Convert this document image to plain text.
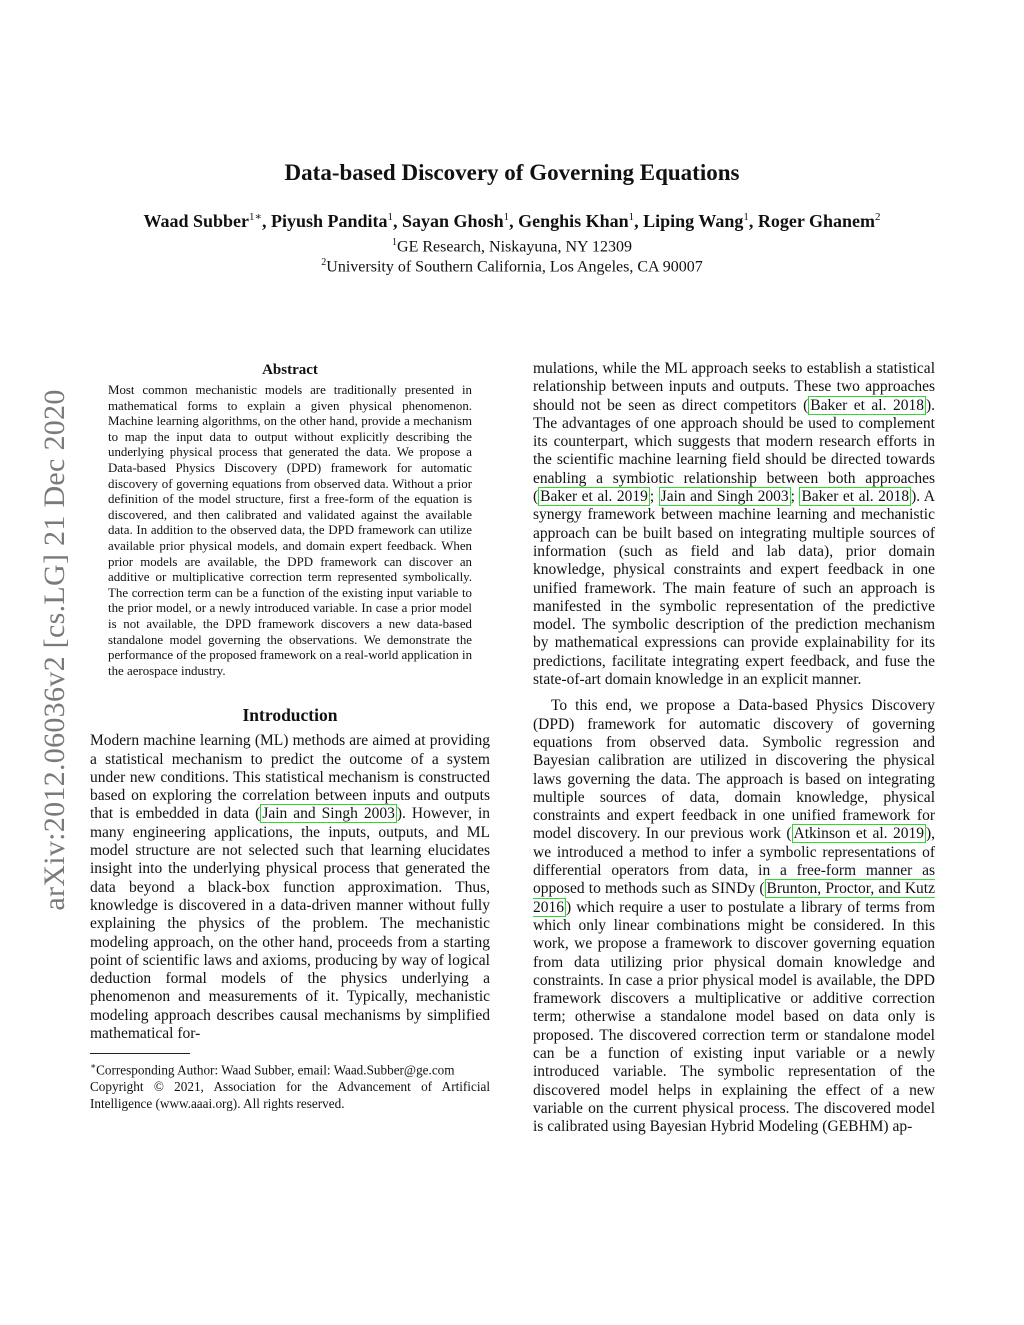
arXiv:2012.06036v2 [cs.LG] 21 Dec 2020
Data-based Discovery of Governing Equations
Waad Subber$^{1∗}$, Piyush Pandita$^1$, Sayan Ghosh$^1$, Genghis Khan$^1$, Liping Wang$^1$, Roger Ghanem$^2$
$^1$GE Research, Niskayuna, NY 12309
$^2$University of Southern California, Los Angeles, CA 90007
Abstract

Most common mechanistic models are traditionally presented in mathematical forms to explain a given physical phenomenon. Machine learning algorithms, on the other hand, provide a mechanism to map the input data to output without explicitly describing the underlying physical process that generated the data. We propose a Data-based Physics Discovery (DPD) framework for automatic discovery of governing equations from observed data. Without a prior definition of the model structure, first a free-form of the equation is discovered, and then calibrated and validated against the available data. In addition to the observed data, the DPD framework can utilize available prior physical models, and domain expert feedback. When prior models are available, the DPD framework can discover an additive or multiplicative correction term represented symbolically. The correction term can be a function of the existing input variable to the prior model, or a newly introduced variable. In case a prior model is not available, the DPD framework discovers a new data-based standalone model governing the observations. We demonstrate the performance of the proposed framework on a real-world application in the aerospace industry.

Introduction

Modern machine learning (ML) methods are aimed at providing a statistical mechanism to predict the outcome of a system under new conditions. This statistical mechanism is constructed based on exploring the correlation between inputs and outputs that is embedded in data ( Jain and Singh 2003 ). However, in many engineering applications, the inputs, outputs, and ML model structure are not selected such that learning elucidates insight into the underlying physical process that generated the data beyond a black-box function approximation. Thus, knowledge is discovered in a data-driven manner without fully explaining the physics of the problem. The mechanistic modeling approach, on the other hand, proceeds from a starting point of scientific laws and axioms, producing by way of logical deduction formal models of the physics underlying a phenomenon and measurements of it. Typically, mechanistic modeling approach describes causal mechanisms by simplified mathematical for-

∗Corresponding Author: Waad Subber, email: Waad.Subber@ge.com

Copyright © 2021, Association for the Advancement of Artificial Intelligence (www.aaai.org). All rights reserved.

mulations, while the ML approach seeks to establish a statistical relationship between inputs and outputs. These two approaches should not be seen as direct competitors ( Baker et al. 2018 ). The advantages of one approach should be used to complement its counterpart, which suggests that modern research efforts in the scientific machine learning field should be directed towards enabling a symbiotic relationship between both approaches ( Baker et al. 2019 ; Jain and Singh 2003 ; Baker et al. 2018 ). A synergy framework between machine learning and mechanistic approach can be built based on integrating multiple sources of information (such as field and lab data), prior domain knowledge, physical constraints and expert feedback in one unified framework. The main feature of such an approach is manifested in the symbolic representation of the predictive model. The symbolic description of the prediction mechanism by mathematical expressions can provide explainability for its predictions, facilitate integrating expert feedback, and fuse the state-of-art domain knowledge in an explicit manner.

To this end, we propose a Data-based Physics Discovery (DPD) framework for automatic discovery of governing equations from observed data. Symbolic regression and Bayesian calibration are utilized in discovering the physical laws governing the data. The approach is based on integrating multiple sources of data, domain knowledge, physical constraints and expert feedback in one unified framework for model discovery. In our previous work ( Atkinson et al. 2019 ), we introduced a method to infer a symbolic representations of differential operators from data, in a free-form manner as opposed to methods such as SINDy ( Brunton, Proctor, and Kutz 2016 ) which require a user to postulate a library of terms from which only linear combinations might be considered. In this work, we propose a framework to discover governing equation from data utilizing prior physical domain knowledge and constraints. In case a prior physical model is available, the DPD framework discovers a multiplicative or additive correction term; otherwise a standalone model based on data only is proposed. The discovered correction term or standalone model can be a function of existing input variable or a newly introduced variable. The symbolic representation of the discovered model helps in explaining the effect of a new variable on the current physical process. The discovered model is calibrated using Bayesian Hybrid Modeling (GEBHM) ap-
